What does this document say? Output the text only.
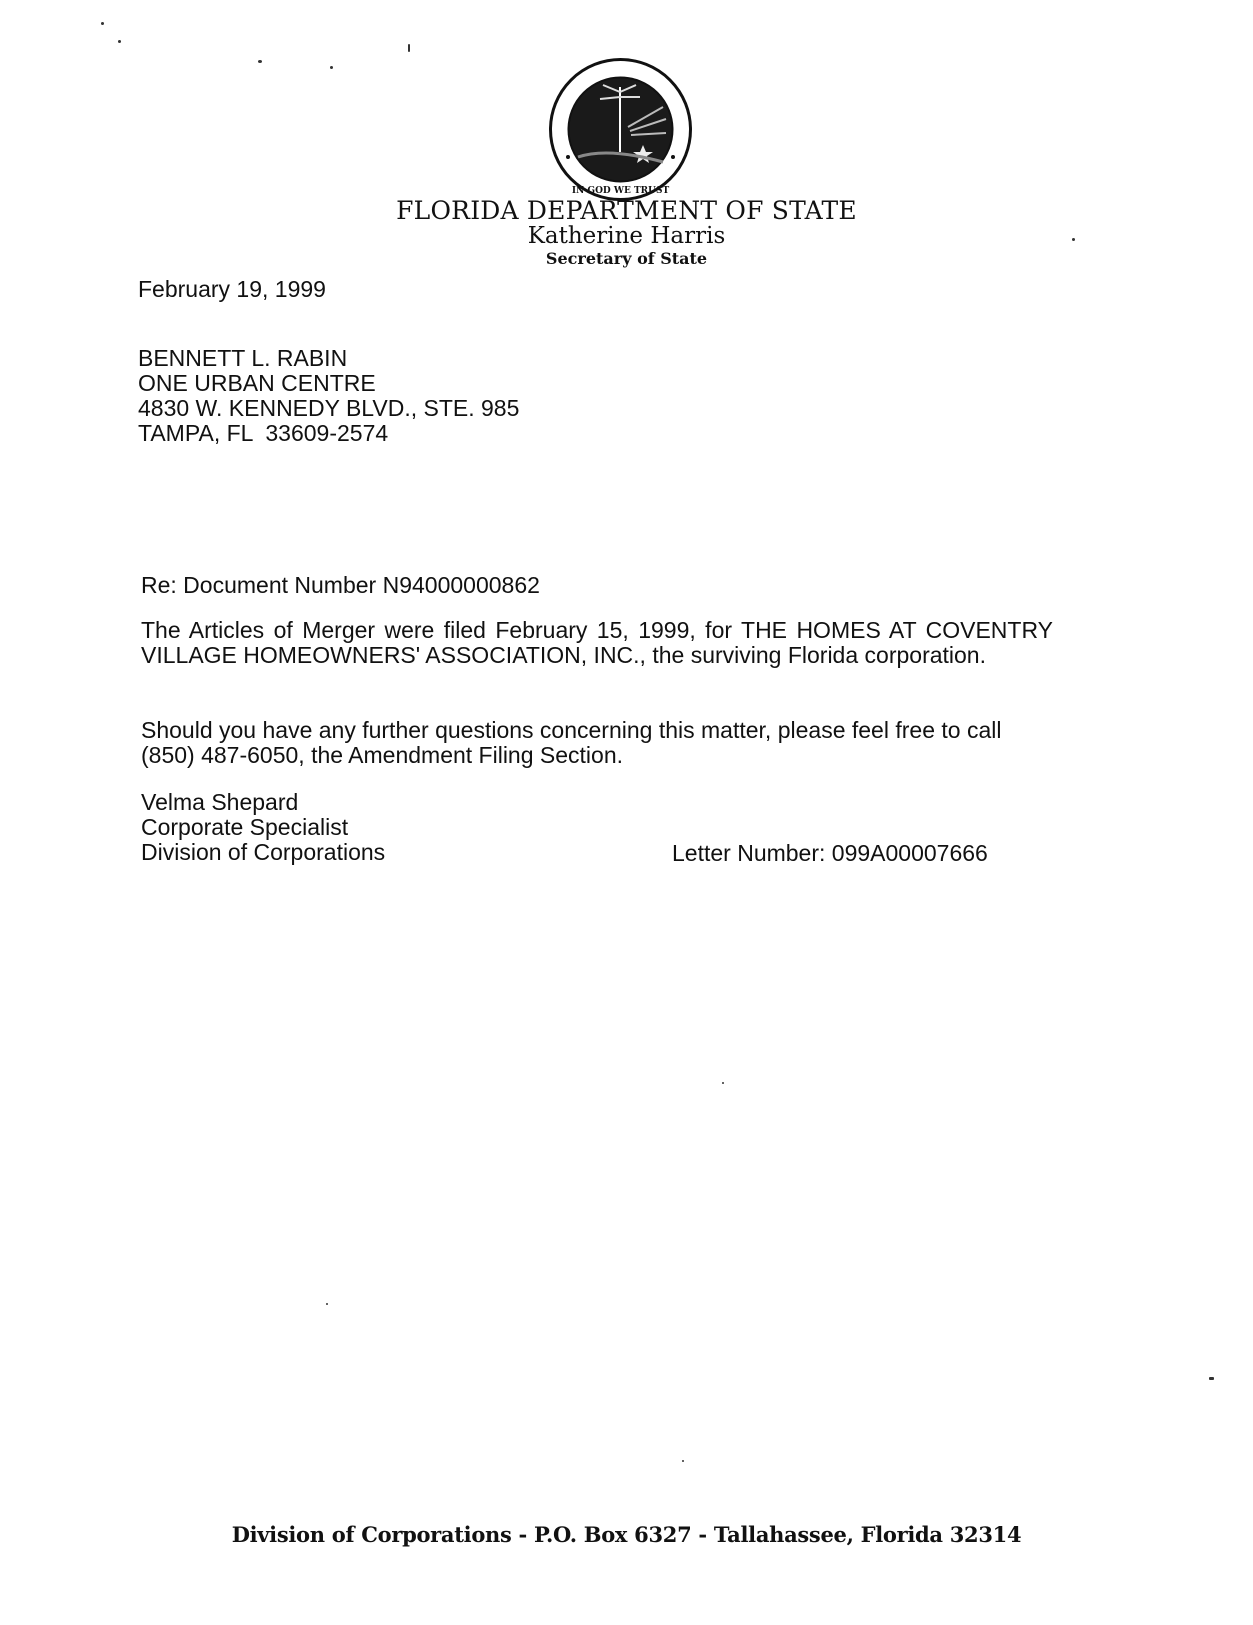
IN GOD WE TRUST
FLORIDA DEPARTMENT OF STATE
Katherine Harris
Secretary of State
February 19, 1999
BENNETT L. RABIN
ONE URBAN CENTRE
4830 W. KENNEDY BLVD., STE. 985
TAMPA, FL  33609-2574
Re: Document Number N94000000862
The Articles of Merger were filed February 15, 1999, for THE HOMES AT COVENTRY VILLAGE HOMEOWNERS' ASSOCIATION, INC., the surviving Florida corporation.
Should you have any further questions concerning this matter, please feel free to call (850) 487-6050, the Amendment Filing Section.
Velma Shepard
Corporate Specialist
Division of Corporations	Letter Number: 099A00007666
Division of Corporations - P.O. Box 6327 - Tallahassee, Florida 32314
